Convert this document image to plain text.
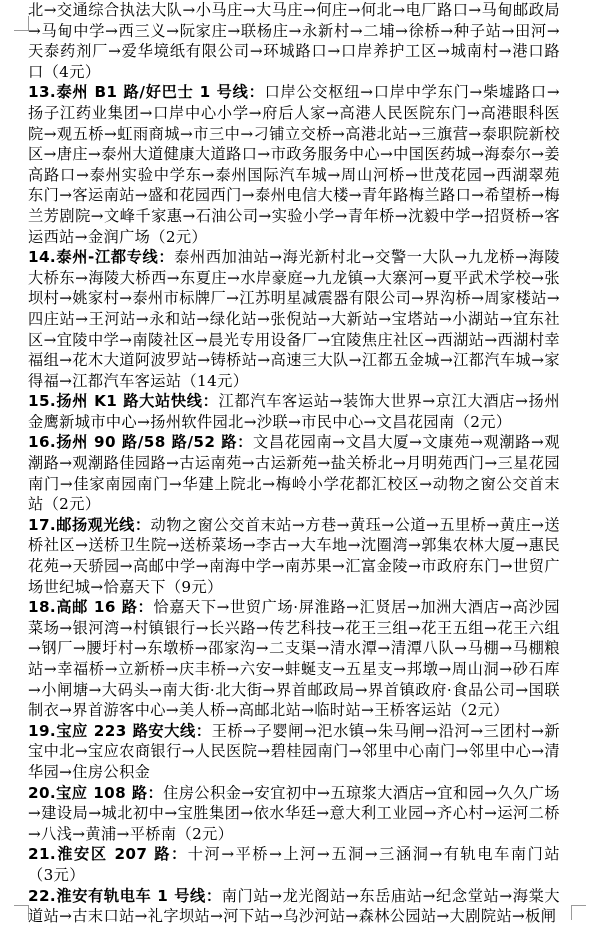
北→交通综合执法大队→小马庄→大马庄→何庄→何北→电厂路口→马甸邮政局→马甸中学→西三义→阮家庄→联杨庄→永新村→二埔→徐桥→种子站→田河→天泰药剂厂→爱华境纸有限公司→环城路口→口岸养护工区→城南村→港口路口（4元）

13.泰州 B1 路/好巴士 1 号线：口岸公交枢纽→口岸中学东门→柴墟路口→扬子江药业集团→口岸中心小学→府后人家→高港人民医院东门→高港眼科医院→观五桥→虹雨商城→市三中→刁铺立交桥→高港北站→三旗营→泰职院新校区→唐庄→泰州大道健康大道路口→市政务服务中心→中国医药城→海泰尔→姜高路口→泰州实验中学东→泰州国际汽车城→周山河桥→世茂花园→西湖翠苑东门→客运南站→盛和花园西门→泰州电信大楼→青年路梅兰路口→希望桥→梅兰芳剧院→文峰千家惠→石油公司→实验小学→青年桥→沈毅中学→招贤桥→客运西站→金润广场（2元）

14.泰州-江都专线：泰州西加油站→海光新村北→交警一大队→九龙桥→海陵大桥东→海陵大桥西→东夏庄→水岸豪庭→九龙镇→大寨河→夏平武术学校→张坝村→姚家村→泰州市标牌厂→江苏明星减震器有限公司→界沟桥→周家楼站→四庄站→王河站→永和站→绿化站→张倪站→大新站→宝塔站→小湖站→宜东社区→宜陵中学→南陵社区→晨光专用设备厂→宜陵焦庄社区→西湖站→西湖村幸福组→花木大道阿波罗站→铸桥站→高速三大队→江都五金城→江都汽车城→家得福→江都汽车客运站（14元）

15.扬州 K1 路大站快线：江都汽车客运站→装饰大世界→京江大酒店→扬州金鹰新城市中心→扬州软件园北→沙联→市民中心→文昌花园南（2元）

16.扬州 90 路/58 路/52 路：文昌花园南→文昌大厦→文康苑→观潮路→观潮路→观潮路佳园路→古运南苑→古运新苑→盐关桥北→月明苑西门→三星花园南门→佳家南园南门→华建上院北→梅岭小学花都汇校区→动物之窗公交首末站（2元）

17.邮扬观光线：动物之窗公交首末站→方巷→黄珏→公道→五里桥→黄庄→送桥社区→送桥卫生院→送桥菜场→李古→大车地→沈圈湾→郭集农林大厦→惠民花苑→天骄园→高邮中学→南海中学→南苏果→汇富金陵→市政府东门→世贸广场世纪城→恰嘉天下（9元）

18.高邮 16 路：恰嘉天下→世贸广场·屏淮路→汇贤居→加洲大酒店→高沙园菜场→银河湾→村镇银行→长兴路→传艺科技→花王三组→花王五组→花王六组→钢厂→腰圩村→东墩桥→邵家沟→二支渠→清水潭→清潭八队→马棚→马棚粮站→幸福桥→立新桥→庆丰桥→六安→蚌蜒支→五星支→邦墩→周山洞→砂石库→小闸塘→大码头→南大街·北大街→界首邮政局→界首镇政府·食品公司→国联制衣→界首游客中心→美人桥→高邮北站→临时站→王桥客运站（2元）

19.宝应 223 路安大线：王桥→子婴闸→汜水镇→朱马闸→沿河→三团村→新宝中北→宝应农商银行→人民医院→碧桂园南门→邻里中心南门→邻里中心→清华园→住房公积金

20.宝应 108 路：住房公积金→安宜初中→五琼浆大酒店→宜和园→久久广场→建设局→城北初中→宝胜集团→依水华廷→意大利工业园→齐心村→运河二桥→八浅→黄浦→平桥南（2元）

21.淮安区 207 路：十河→平桥→上河→五洞→三涵洞→有轨电车南门站（3元）

22.淮安有轨电车 1 号线：南门站→龙光阁站→东岳庙站→纪念堂站→海棠大道站→古末口站→礼字坝站→河下站→乌沙河站→森林公园站→大剧院站→板闸
